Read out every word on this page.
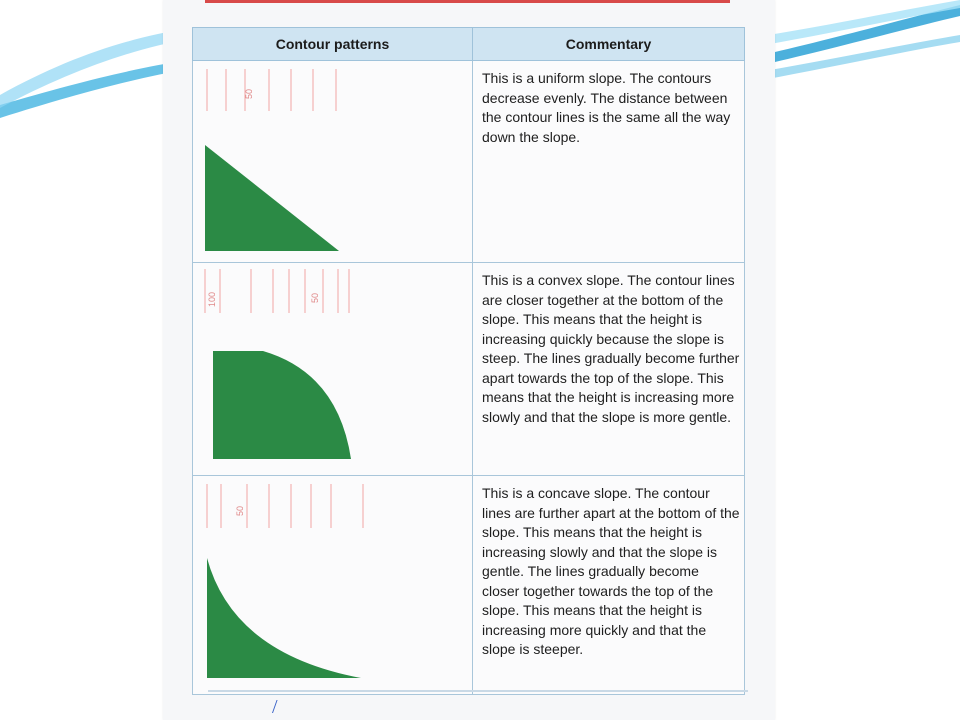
Contour patterns	Commentary

50	This is a uniform slope. The contours decrease evenly. The distance between the contour lines is the same all the way down the slope.

100 50	This is a convex slope. The contour lines are closer together at the bottom of the slope. This means that the height is increasing quickly because the slope is steep. The lines gradually become further apart towards the top of the slope. This means that the height is increasing more slowly and that the slope is more gentle.

50	This is a concave slope. The contour lines are further apart at the bottom of the slope. This means that the height is increasing slowly and that the slope is gentle. The lines gradually become closer together towards the top of the slope. This means that the height is increasing more quickly and that the slope is steeper.
/
